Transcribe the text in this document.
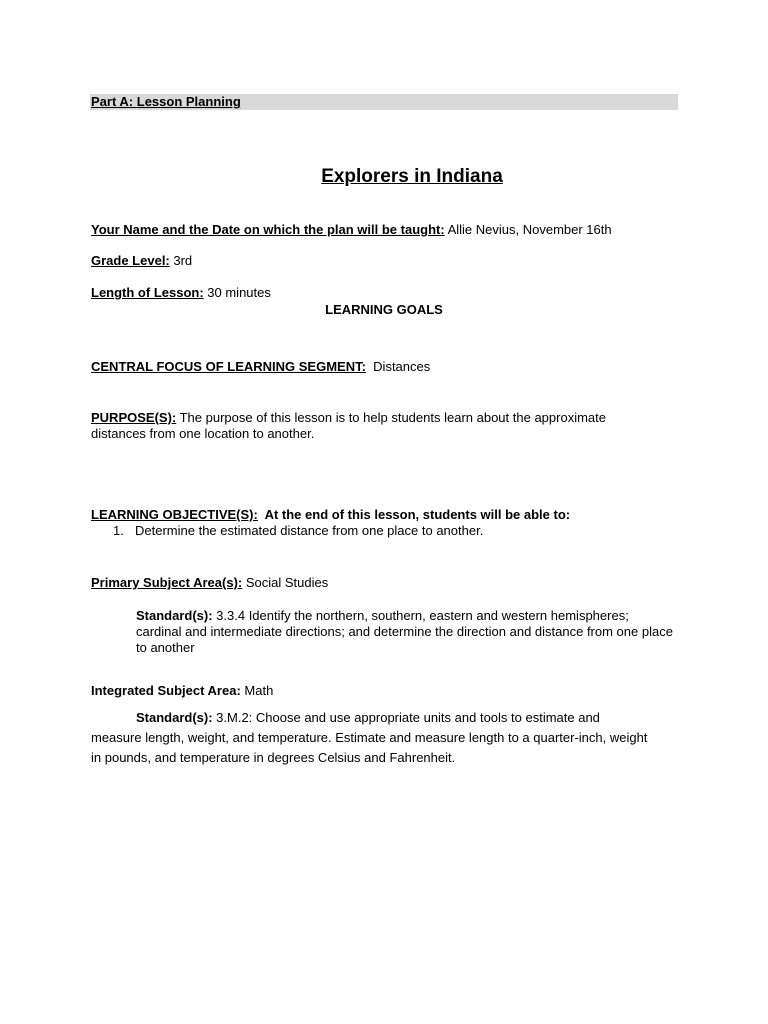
Part A: Lesson Planning
Explorers in Indiana
Your Name and the Date on which the plan will be taught: Allie Nevius, November 16th
Grade Level: 3rd
Length of Lesson: 30 minutes
LEARNING GOALS
CENTRAL FOCUS OF LEARNING SEGMENT:  Distances
PURPOSE(S): The purpose of this lesson is to help students learn about the approximate distances from one location to another.
LEARNING OBJECTIVE(S):  At the end of this lesson, students will be able to:
1. Determine the estimated distance from one place to another.
Primary Subject Area(s): Social Studies
Standard(s): 3.3.4 Identify the northern, southern, eastern and western hemispheres; cardinal and intermediate directions; and determine the direction and distance from one place to another
Integrated Subject Area: Math
Standard(s): 3.M.2: Choose and use appropriate units and tools to estimate and measure length, weight, and temperature. Estimate and measure length to a quarter-inch, weight in pounds, and temperature in degrees Celsius and Fahrenheit.
